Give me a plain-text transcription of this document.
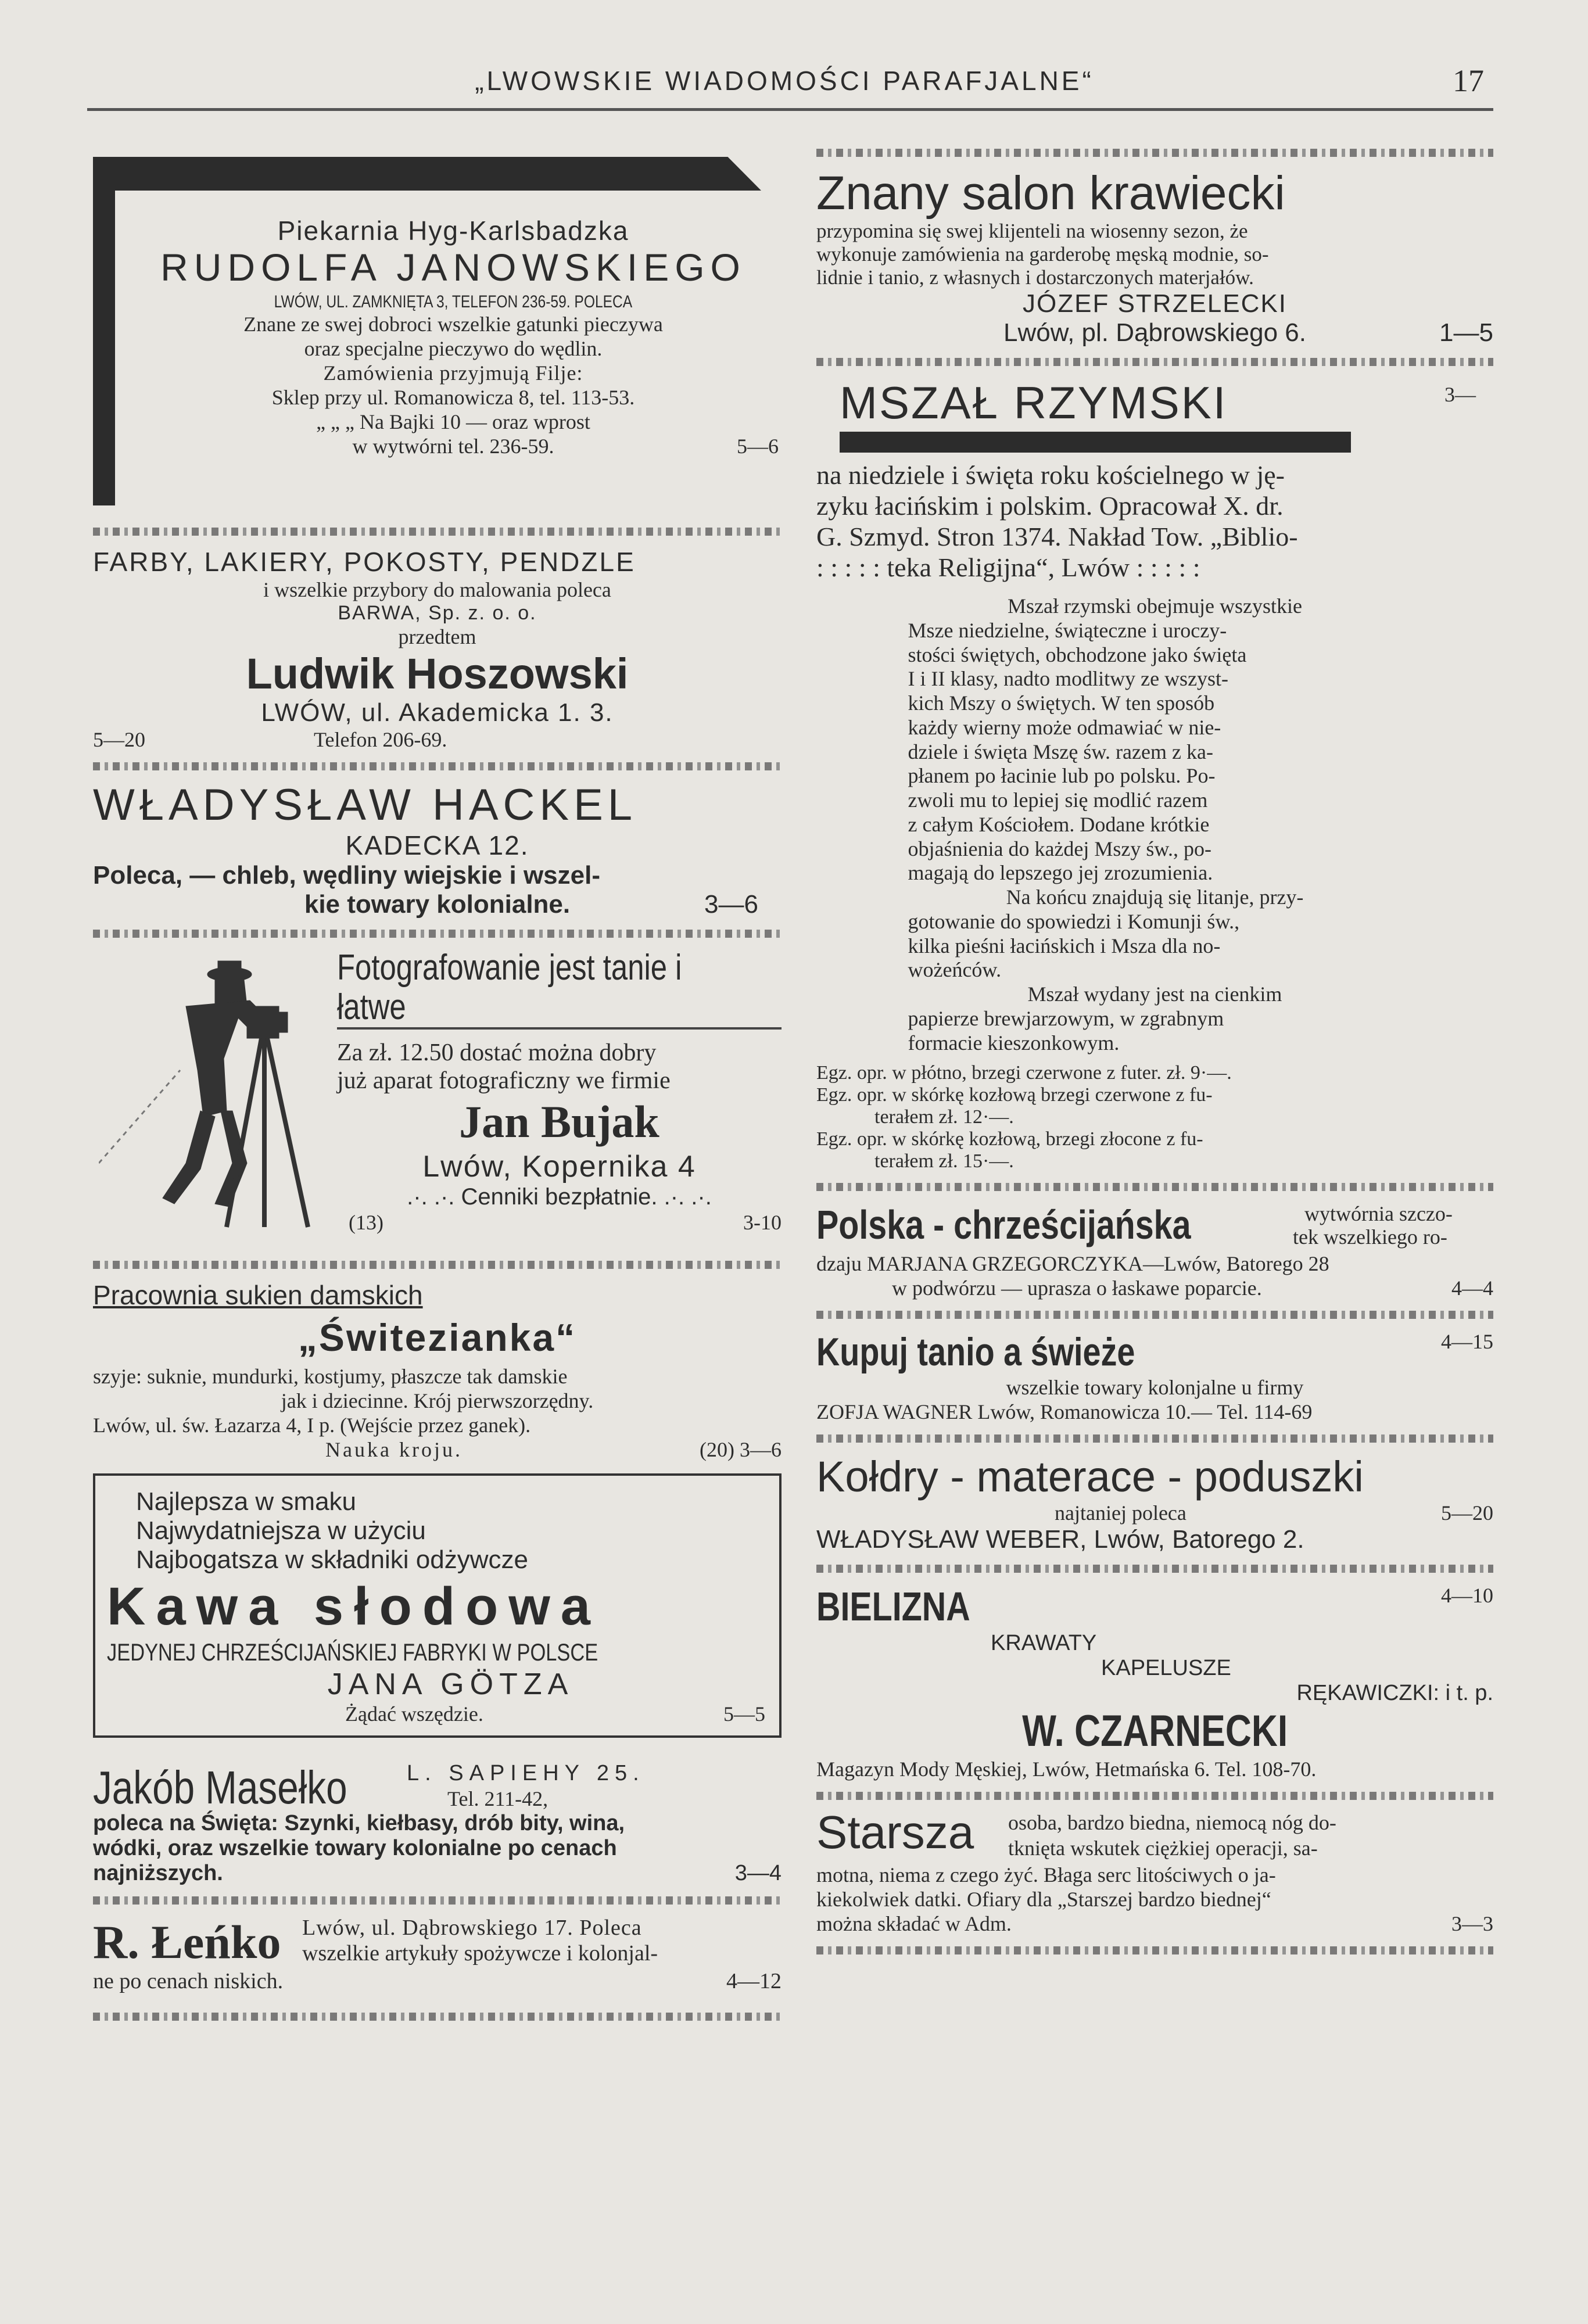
„LWOWSKIE WIADOMOŚCI PARAFJALNE“	17

Piekarnia Hyg-Karlsbadzka

RUDOLFA JANOWSKIEGO

LWÓW, UL. ZAMKNIĘTA 3, TELEFON 236-59. POLECA

Znane ze swej dobroci wszelkie gatunki pieczywa

oraz specjalne pieczywo do wędlin.

Zamówienia przyjmują Filje:

Sklep przy ul. Romanowicza 8, tel. 113-53.

„ „ „ Na Bajki 10 — oraz wprost

w wytwórni tel. 236-59.	5—6

FARBY, LAKIERY, POKOSTY, PENDZLE

i wszelkie przybory do malowania poleca

BARWA, Sp. z. o. o.

przedtem

Ludwik Hoszowski

LWÓW, ul. Akademicka 1. 3.

5—20	Telefon 206-69.

WŁADYSŁAW HACKEL

KADECKA 12.

Poleca, — chleb, wędliny wiejskie i wszel-

kie towary kolonialne.	3—6

Fotografowanie jest tanie i łatwe

Za zł. 12.50 dostać można dobry

już aparat fotograficzny we firmie

Jan Bujak

Lwów, Kopernika 4

.·. .·. Cenniki bezpłatnie. .·. .·.

(13)	3-10

Pracownia sukien damskich

„Świtezianka“

szyje: suknie, mundurki, kostjumy, płaszcze tak damskie

jak i dziecinne. Krój pierwszorzędny.

Lwów, ul. św. Łazarza 4, I p. (Wejście przez ganek).

Nauka kroju.	(20) 3—6

Najlepsza w smaku

Najwydatniejsza w użyciu

Najbogatsza w składniki odżywcze

Kawa słodowa

JEDYNEJ CHRZEŚCIJAŃSKIEJ FABRYKI W POLSCE

JANA GÖTZA

Żądać wszędzie.	5—5

Jakób Masełko	L. SAPIEHY 25.
Tel. 211-42,

poleca na Święta: Szynki, kiełbasy, drób bity, wina,

wódki, oraz wszelkie towary kolonialne po cenach

najniższych.	3—4

R. Łeńko Lwów, ul. Dąbrowskiego 17. Poleca
wszelkie artykuły spożywcze i kolonjal-
ne po cenach niskich.	4—12

Znany salon krawiecki

przypomina się swej klijenteli na wiosenny sezon, że

wykonuje zamówienia na garderobę męską modnie, so-

lidnie i tanio, z własnych i dostarczonych materjałów.

JÓZEF STRZELECKI

Lwów, pl. Dąbrowskiego 6.	1—5

MSZAŁ RZYMSKI	3—

na niedziele i święta roku kościelnego w ję-

zyku łacińskim i polskim. Opracował X. dr.

G. Szmyd. Stron 1374. Nakład Tow. „Biblio-

: : : : : teka Religijna“, Lwów : : : : :

Mszał rzymski obejmuje wszystkie

Msze niedzielne, świąteczne i uroczy-

stości świętych, obchodzone jako święta

I i II klasy, nadto modlitwy ze wszyst-

kich Mszy o świętych. W ten sposób

każdy wierny może odmawiać w nie-

dziele i święta Mszę św. razem z ka-

płanem po łacinie lub po polsku. Po-

zwoli mu to lepiej się modlić razem

z całym Kościołem. Dodane krótkie

objaśnienia do każdej Mszy św., po-

magają do lepszego jej zrozumienia.

Na końcu znajdują się litanje, przy-

gotowanie do spowiedzi i Komunji św.,

kilka pieśni łacińskich i Msza dla no-

wożeńców.

Mszał wydany jest na cienkim

papierze brewjarzowym, w zgrabnym

formacie kieszonkowym.

Egz. opr. w płótno, brzegi czerwone z futer. zł. 9·—.

Egz. opr. w skórkę kozłową brzegi czerwone z fu-

terałem zł. 12·—.

Egz. opr. w skórkę kozłową, brzegi złocone z fu-

terałem zł. 15·—.

Polska - chrześcijańska	wytwórnia szczo-
tek wszelkiego ro-

dzaju MARJANA GRZEGORCZYKA—Lwów, Batorego 28

w podwórzu — uprasza o łaskawe poparcie.	4—4

Kupuj tanio a świeże	4—15

wszelkie towary kolonjalne u firmy

ZOFJA WAGNER Lwów, Romanowicza 10.— Tel. 114-69

Kołdry - materace - poduszki

najtaniej poleca	5—20

WŁADYSŁAW WEBER, Lwów, Batorego 2.

BIELIZNA	4—10

KRAWATY

KAPELUSZE

RĘKAWICZKI: i t. p.

W. CZARNECKI

Magazyn Mody Męskiej, Lwów, Hetmańska 6. Tel. 108-70.

Starsza osoba, bardzo biedna, niemocą nóg do-
tknięta wskutek ciężkiej operacji, sa-

motna, niema z czego żyć. Błaga serc litościwych o ja-

kiekolwiek datki. Ofiary dla „Starszej bardzo biednej“

można składać w Adm.	3—3
